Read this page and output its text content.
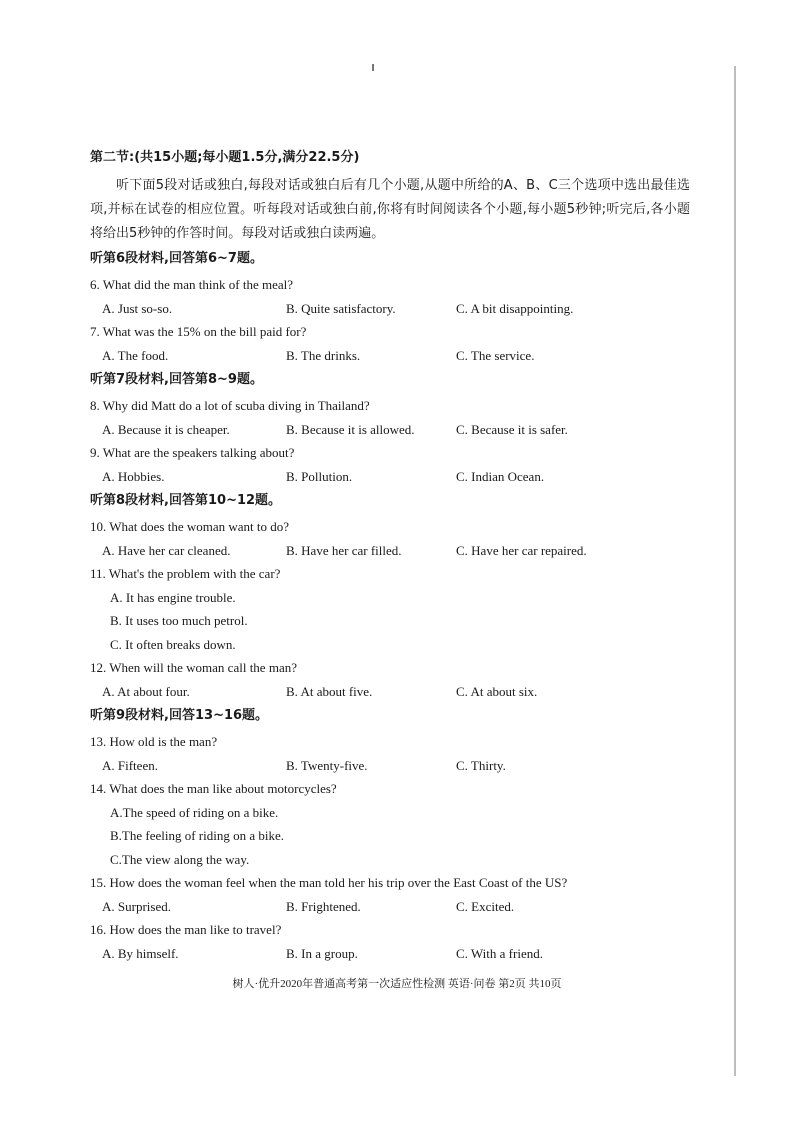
第二节:(共15小题;每小题1.5分,满分22.5分)
听下面5段对话或独白,每段对话或独白后有几个小题,从题中所给的A、B、C三个选项中选出最佳选项,并标在试卷的相应位置。听每段对话或独白前,你将有时间阅读各个小题,每小题5秒钟;听完后,各小题将给出5秒钟的作答时间。每段对话或独白读两遍。
听第6段材料,回答第6~7题。
6. What did the man think of the meal?
A. Just so-so.	B. Quite satisfactory.	C. A bit disappointing.
7. What was the 15% on the bill paid for?
A. The food.	B. The drinks.	C. The service.
听第7段材料,回答第8~9题。
8. Why did Matt do a lot of scuba diving in Thailand?
A. Because it is cheaper.	B. Because it is allowed.	C. Because it is safer.
9. What are the speakers talking about?
A. Hobbies.	B. Pollution.	C. Indian Ocean.
听第8段材料,回答第10~12题。
10. What does the woman want to do?
A. Have her car cleaned.	B. Have her car filled.	C. Have her car repaired.
11. What's the problem with the car?
A. It has engine trouble.
B. It uses too much petrol.
C. It often breaks down.
12. When will the woman call the man?
A. At about four.	B. At about five.	C. At about six.
听第9段材料,回答13~16题。
13. How old is the man?
A. Fifteen.	B. Twenty-five.	C. Thirty.
14. What does the man like about motorcycles?
A.The speed of riding on a bike.
B.The feeling of riding on a bike.
C.The view along the way.
15. How does the woman feel when the man told her his trip over the East Coast of the US?
A. Surprised.	B. Frightened.	C. Excited.
16. How does the man like to travel?
A. By himself.	B. In a group.	C. With a friend.
树人·优升2020年普通高考第一次适应性检测 英语·问卷 第2页 共10页
